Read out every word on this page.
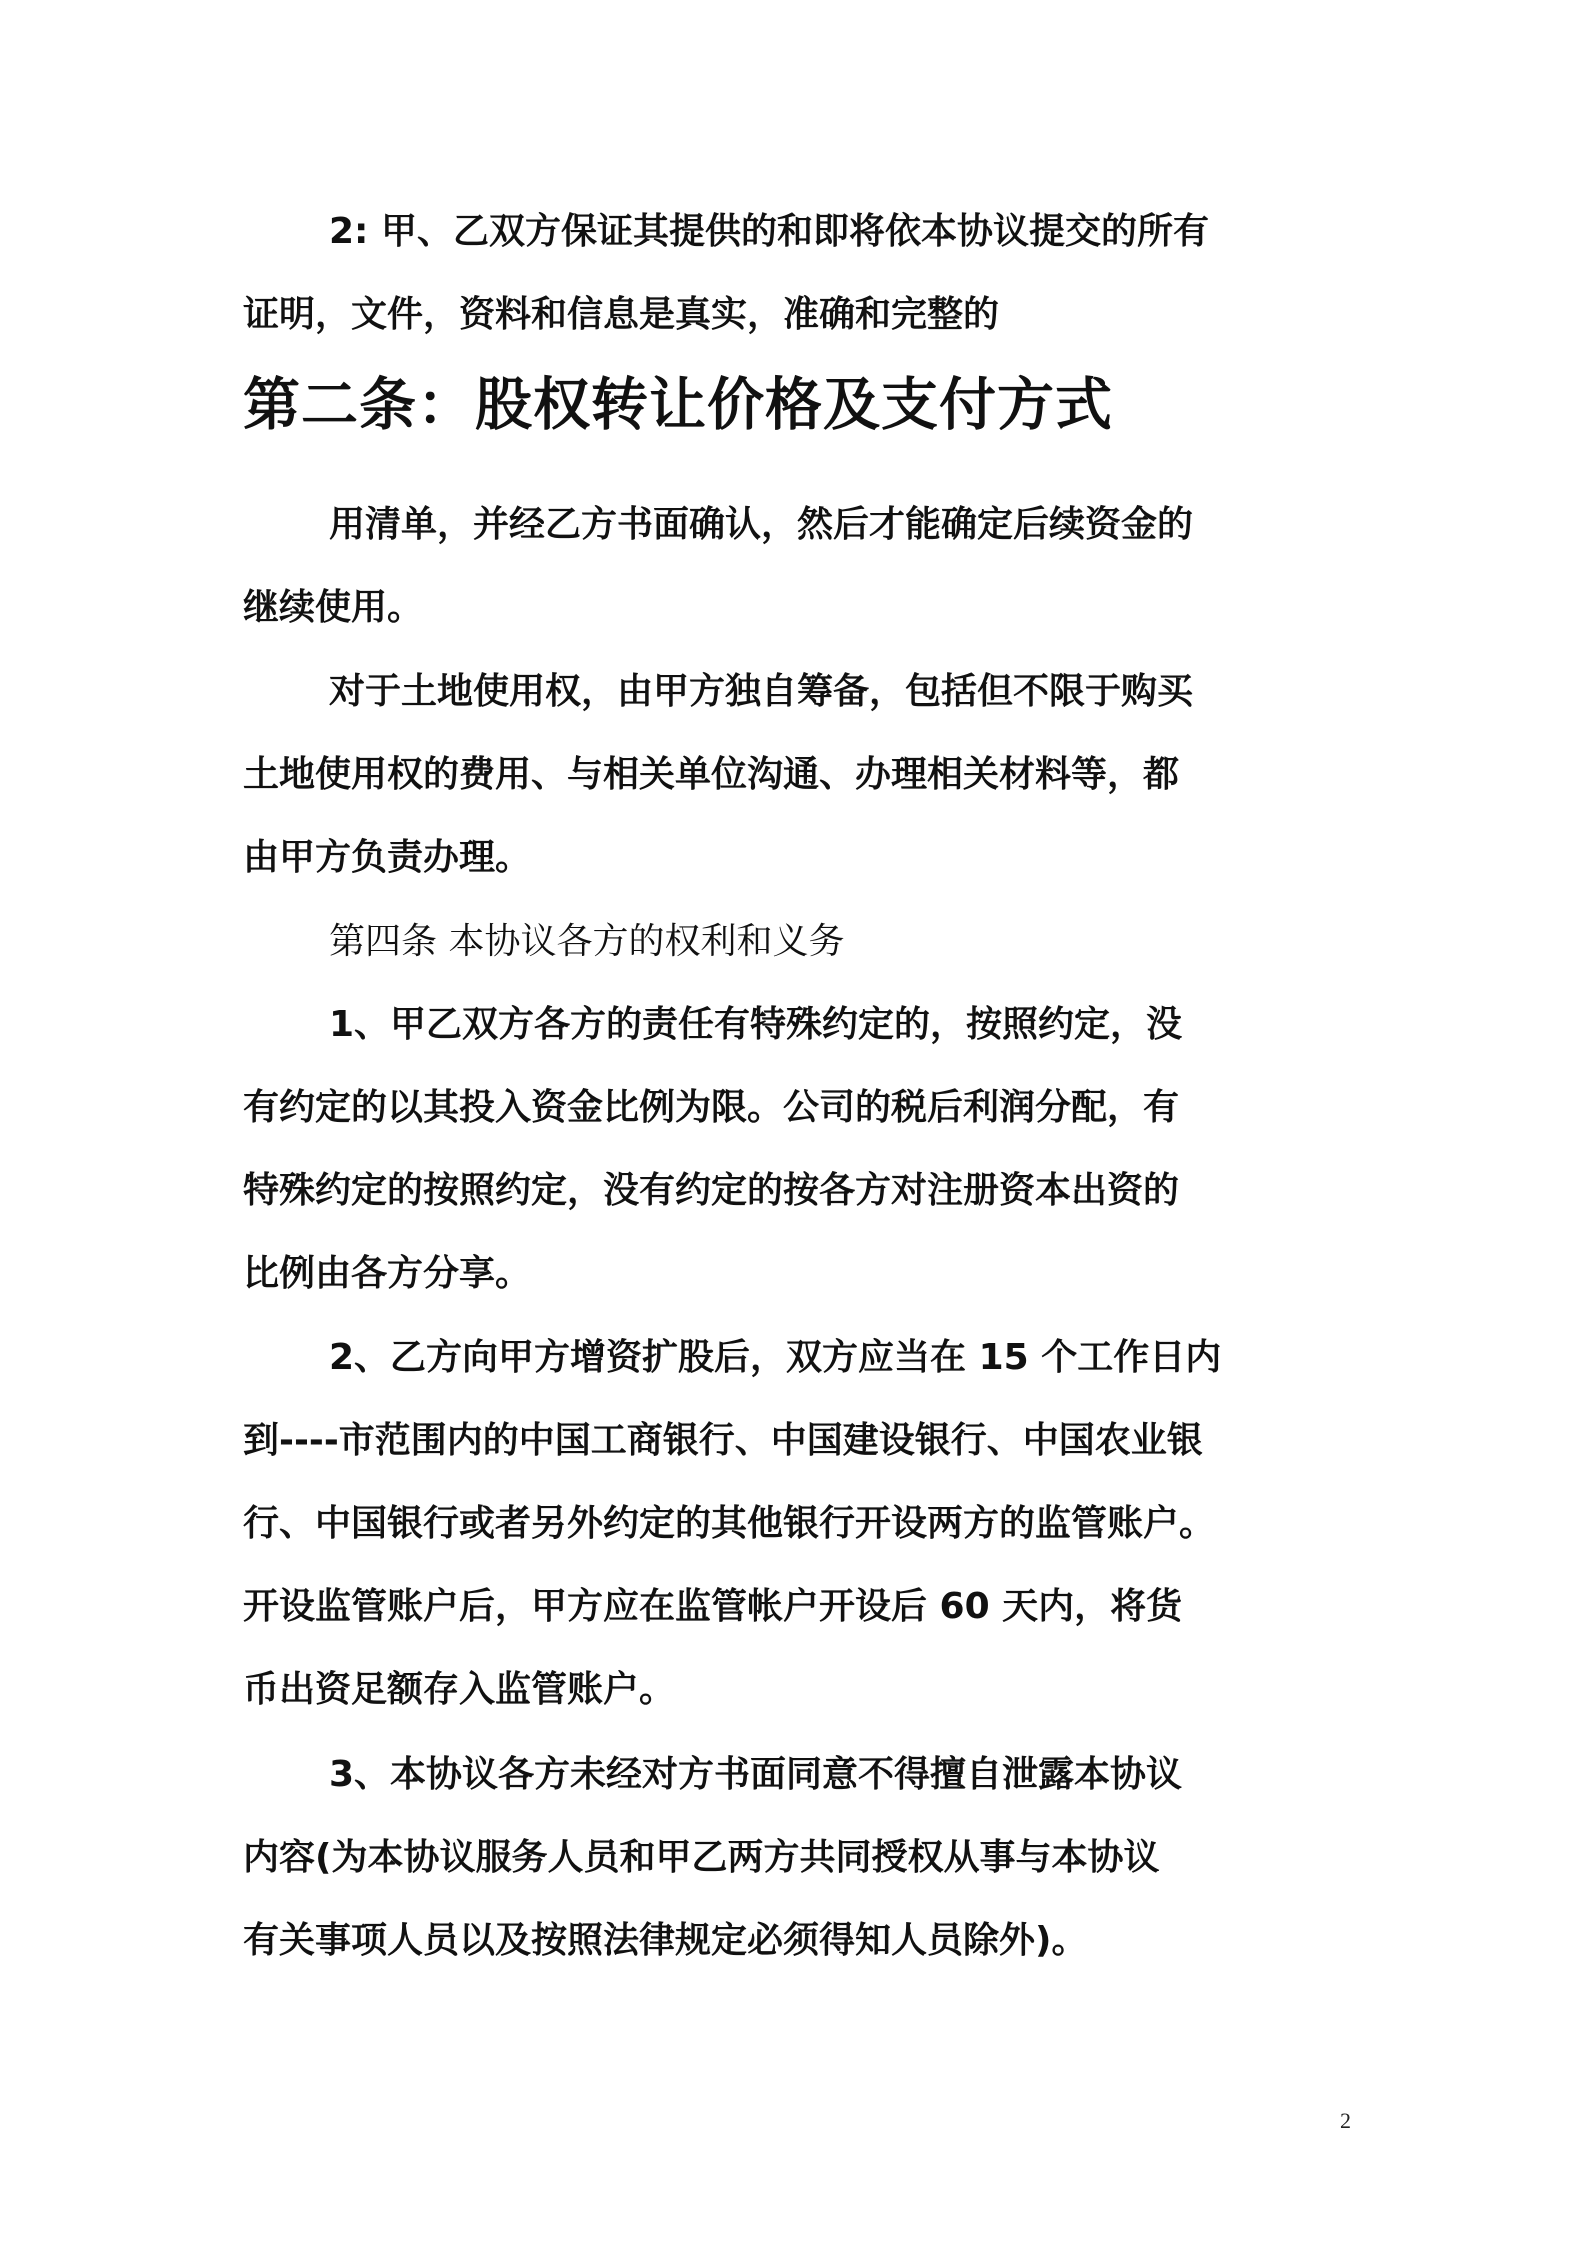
2: 甲、乙双方保证其提供的和即将依本协议提交的所有
证明，文件，资料和信息是真实，准确和完整的
第二条：股权转让价格及支付方式
用清单，并经乙方书面确认，然后才能确定后续资金的
继续使用。
对于土地使用权，由甲方独自筹备，包括但不限于购买
土地使用权的费用、与相关单位沟通、办理相关材料等，都
由甲方负责办理。
第四条 本协议各方的权利和义务
1、甲乙双方各方的责任有特殊约定的，按照约定，没
有约定的以其投入资金比例为限。公司的税后利润分配，有
特殊约定的按照约定，没有约定的按各方对注册资本出资的
比例由各方分享。
2、乙方向甲方增资扩股后，双方应当在 15 个工作日内
到----市范围内的中国工商银行、中国建设银行、中国农业银
行、中国银行或者另外约定的其他银行开设两方的监管账户。
开设监管账户后，甲方应在监管帐户开设后 60 天内，将货
币出资足额存入监管账户。
3、本协议各方未经对方书面同意不得擅自泄露本协议
内容(为本协议服务人员和甲乙两方共同授权从事与本协议
有关事项人员以及按照法律规定必须得知人员除外)。
2
